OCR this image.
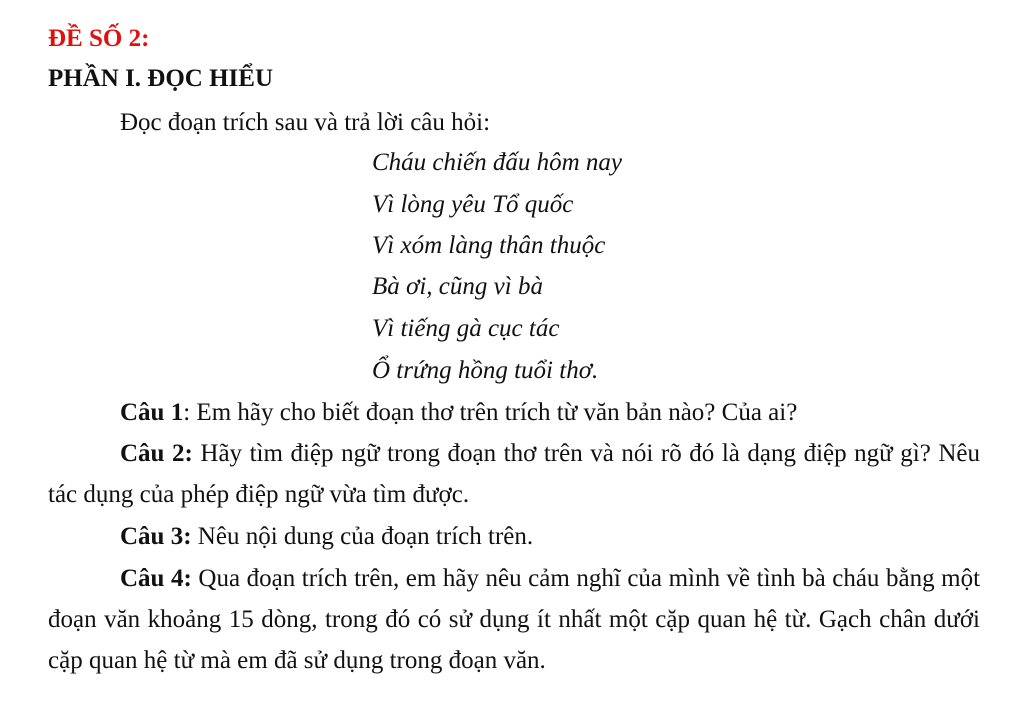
ĐỀ SỐ 2:
PHẦN I. ĐỌC HIỂU
Đọc đoạn trích sau và trả lời câu hỏi:
Cháu chiến đấu hôm nay
Vì lòng yêu Tổ quốc
Vì xóm làng thân thuộc
Bà ơi, cũng vì bà
Vì tiếng gà cục tác
Ổ trứng hồng tuổi thơ.
Câu 1: Em hãy cho biết đoạn thơ trên trích từ văn bản nào? Của ai?
Câu 2: Hãy tìm điệp ngữ trong đoạn thơ trên và nói rõ đó là dạng điệp ngữ gì? Nêu tác dụng của phép điệp ngữ vừa tìm được.
Câu 3: Nêu nội dung của đoạn trích trên.
Câu 4: Qua đoạn trích trên, em hãy nêu cảm nghĩ của mình về tình bà cháu bằng một đoạn văn khoảng 15 dòng, trong đó có sử dụng ít nhất một cặp quan hệ từ. Gạch chân dưới cặp quan hệ từ mà em đã sử dụng trong đoạn văn.
